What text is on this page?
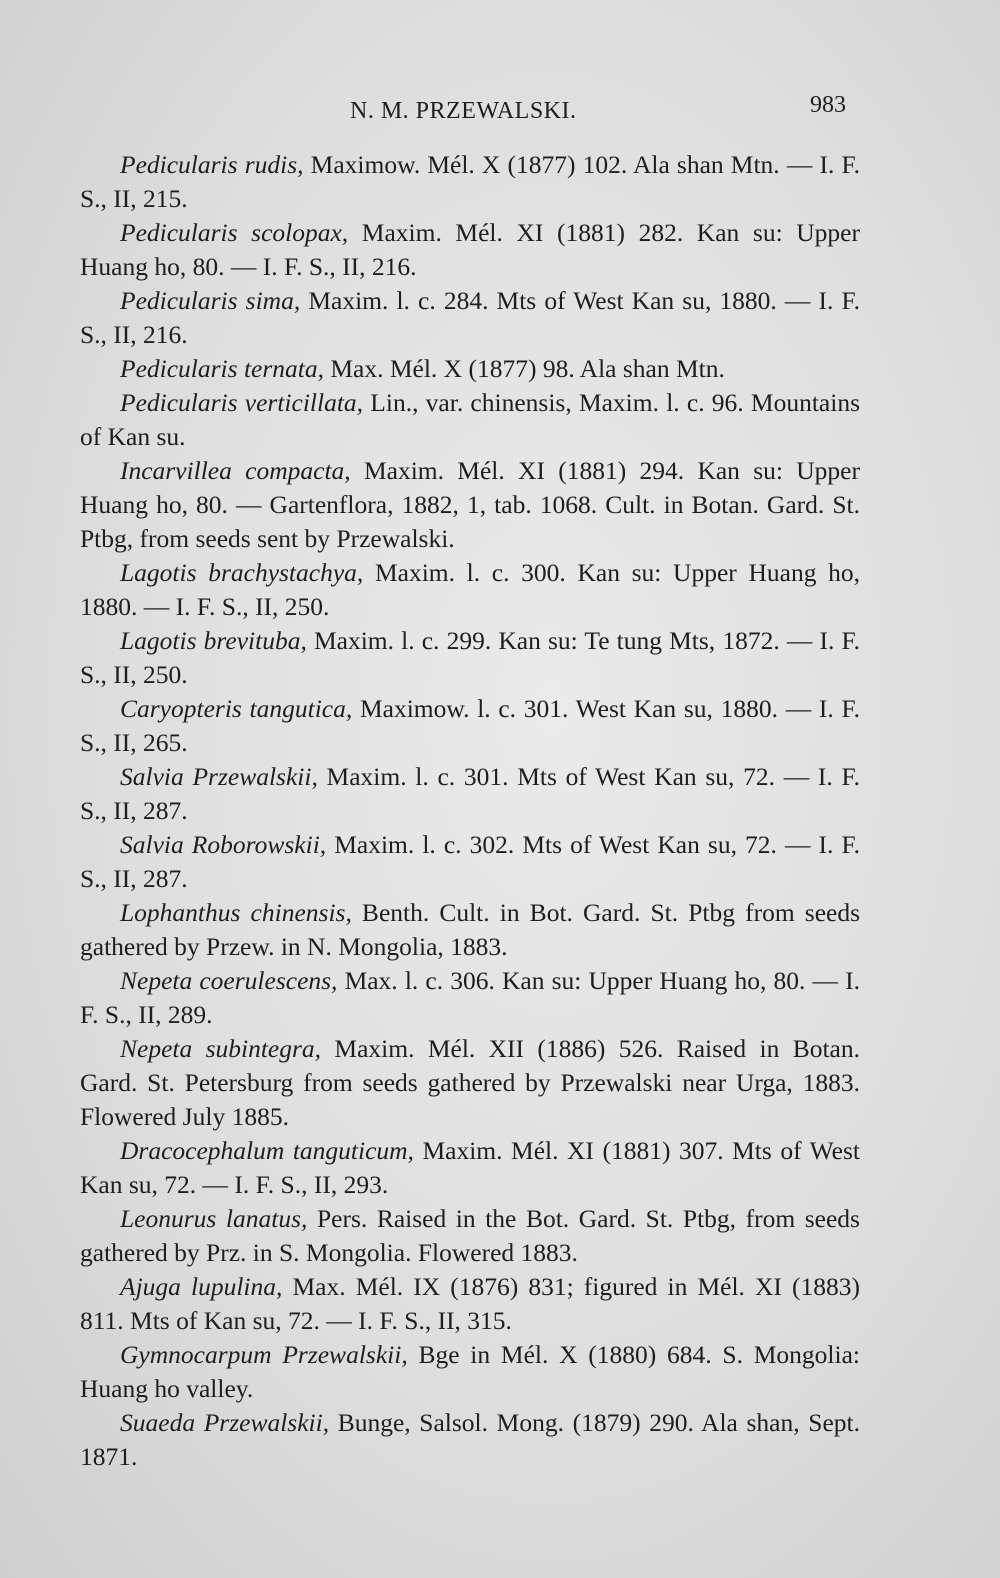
N. M. PRZEWALSKI.	983

Pedicularis rudis, Maximow. Mél. X (1877) 102. Ala shan Mtn. — I. F. S., II, 215.

Pedicularis scolopax, Maxim. Mél. XI (1881) 282. Kan su: Upper Huang ho, 80. — I. F. S., II, 216.

Pedicularis sima, Maxim. l. c. 284. Mts of West Kan su, 1880. — I. F. S., II, 216.

Pedicularis ternata, Max. Mél. X (1877) 98. Ala shan Mtn.

Pedicularis verticillata, Lin., var. chinensis, Maxim. l. c. 96. Mountains of Kan su.

Incarvillea compacta, Maxim. Mél. XI (1881) 294. Kan su: Upper Huang ho, 80. — Gartenflora, 1882, 1, tab. 1068. Cult. in Botan. Gard. St. Ptbg, from seeds sent by Przewalski.

Lagotis brachystachya, Maxim. l. c. 300. Kan su: Upper Huang ho, 1880. — I. F. S., II, 250.

Lagotis brevituba, Maxim. l. c. 299. Kan su: Te tung Mts, 1872. — I. F. S., II, 250.

Caryopteris tangutica, Maximow. l. c. 301. West Kan su, 1880. — I. F. S., II, 265.

Salvia Przewalskii, Maxim. l. c. 301. Mts of West Kan su, 72. — I. F. S., II, 287.

Salvia Roborowskii, Maxim. l. c. 302. Mts of West Kan su, 72. — I. F. S., II, 287.

Lophanthus chinensis, Benth. Cult. in Bot. Gard. St. Ptbg from seeds gathered by Przew. in N. Mongolia, 1883.

Nepeta coerulescens, Max. l. c. 306. Kan su: Upper Huang ho, 80. — I. F. S., II, 289.

Nepeta subintegra, Maxim. Mél. XII (1886) 526. Raised in Botan. Gard. St. Petersburg from seeds gathered by Przewalski near Urga, 1883. Flowered July 1885.

Dracocephalum tanguticum, Maxim. Mél. XI (1881) 307. Mts of West Kan su, 72. — I. F. S., II, 293.

Leonurus lanatus, Pers. Raised in the Bot. Gard. St. Ptbg, from seeds gathered by Prz. in S. Mongolia. Flowered 1883.

Ajuga lupulina, Max. Mél. IX (1876) 831; figured in Mél. XI (1883) 811. Mts of Kan su, 72. — I. F. S., II, 315.

Gymnocarpum Przewalskii, Bge in Mél. X (1880) 684. S. Mongolia: Huang ho valley.

Suaeda Przewalskii, Bunge, Salsol. Mong. (1879) 290. Ala shan, Sept. 1871.
